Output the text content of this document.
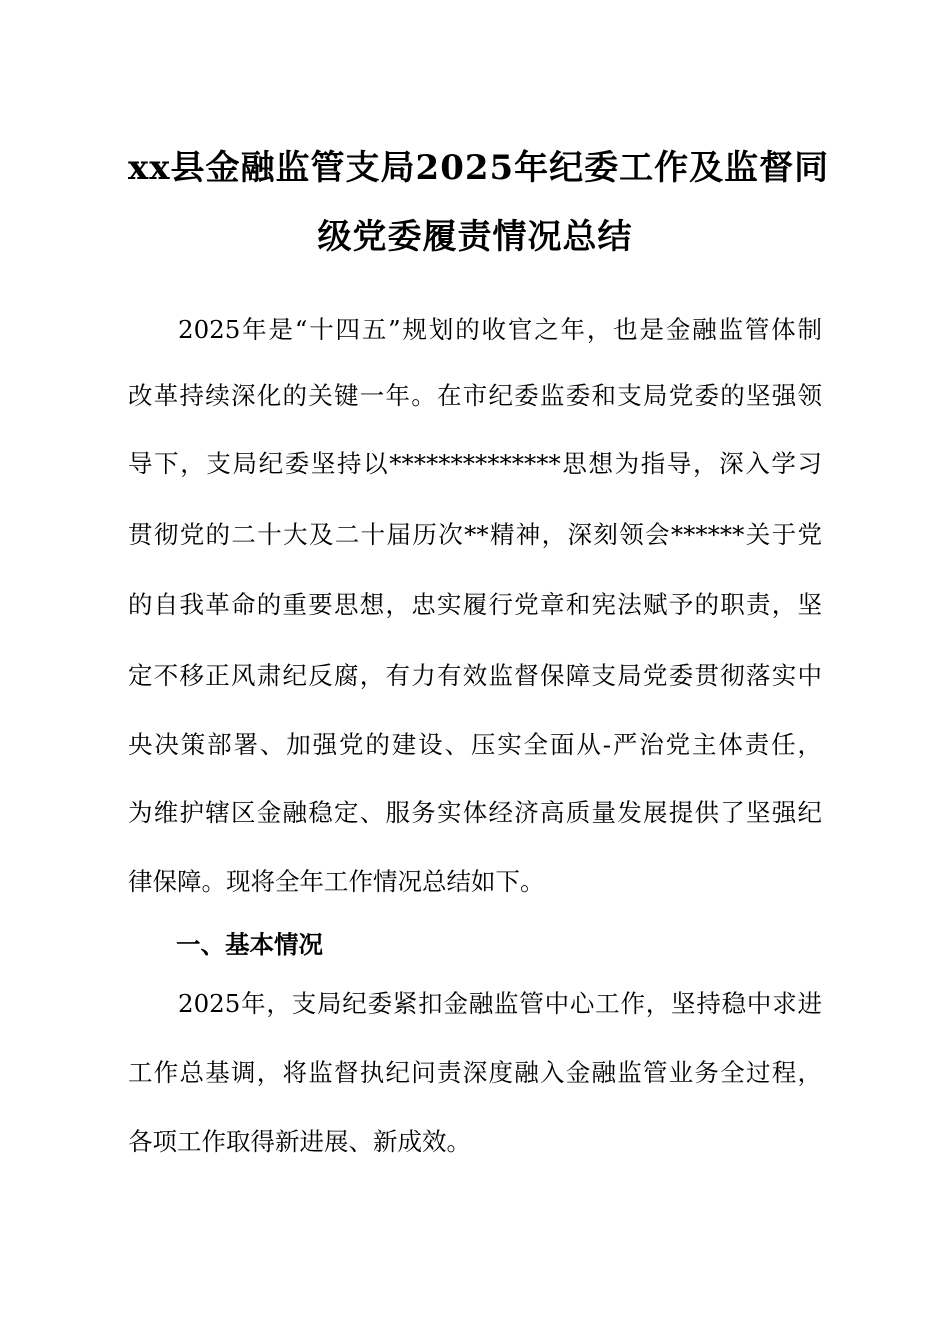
xx县金融监管支局2025年纪委工作及监督同
级党委履责情况总结
2025年是“十四五”规划的收官之年，也是金融监管体制
改革持续深化的关键一年。在市纪委监委和支局党委的坚强领
导下，支局纪委坚持以**************思想为指导，深入学习
贯彻党的二十大及二十届历次**精神，深刻领会******关于党
的自我革命的重要思想，忠实履行党章和宪法赋予的职责，坚
定不移正风肃纪反腐，有力有效监督保障支局党委贯彻落实中
央决策部署、加强党的建设、压实全面从-严治党主体责任，
为维护辖区金融稳定、服务实体经济高质量发展提供了坚强纪
律保障。现将全年工作情况总结如下。
一、基本情况
2025年，支局纪委紧扣金融监管中心工作，坚持稳中求进
工作总基调，将监督执纪问责深度融入金融监管业务全过程，
各项工作取得新进展、新成效。
